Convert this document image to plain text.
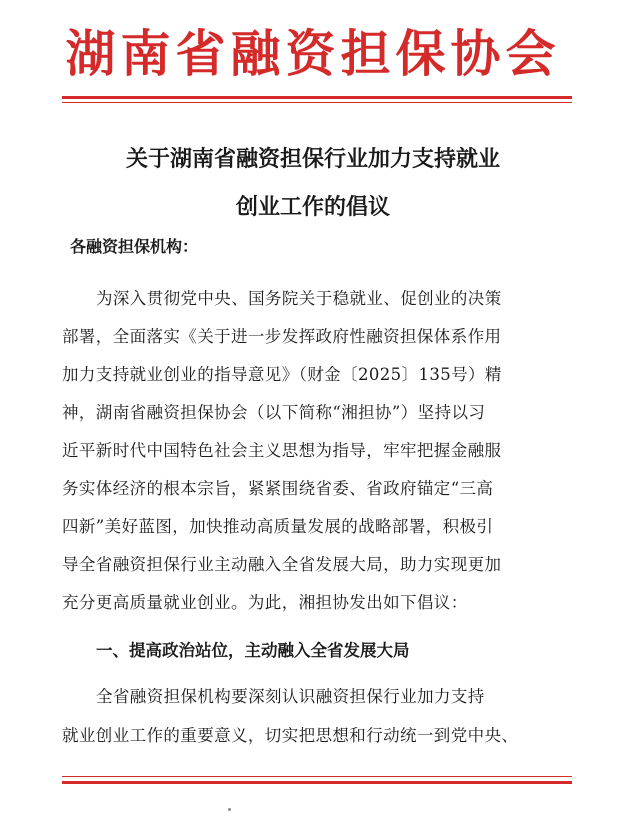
湖南省融资担保协会
关于湖南省融资担保行业加力支持就业
创业工作的倡议
各融资担保机构：
为深入贯彻党中央、国务院关于稳就业、促创业的决策
部署，全面落实《关于进一步发挥政府性融资担保体系作用
加力支持就业创业的指导意见》（财金〔2025〕135号）精
神，湖南省融资担保协会（以下简称“湘担协”）坚持以习
近平新时代中国特色社会主义思想为指导，牢牢把握金融服
务实体经济的根本宗旨，紧紧围绕省委、省政府锚定“三高
四新”美好蓝图，加快推动高质量发展的战略部署，积极引
导全省融资担保行业主动融入全省发展大局，助力实现更加
充分更高质量就业创业。为此，湘担协发出如下倡议：
一、提高政治站位，主动融入全省发展大局
全省融资担保机构要深刻认识融资担保行业加力支持
就业创业工作的重要意义，切实把思想和行动统一到党中央、
